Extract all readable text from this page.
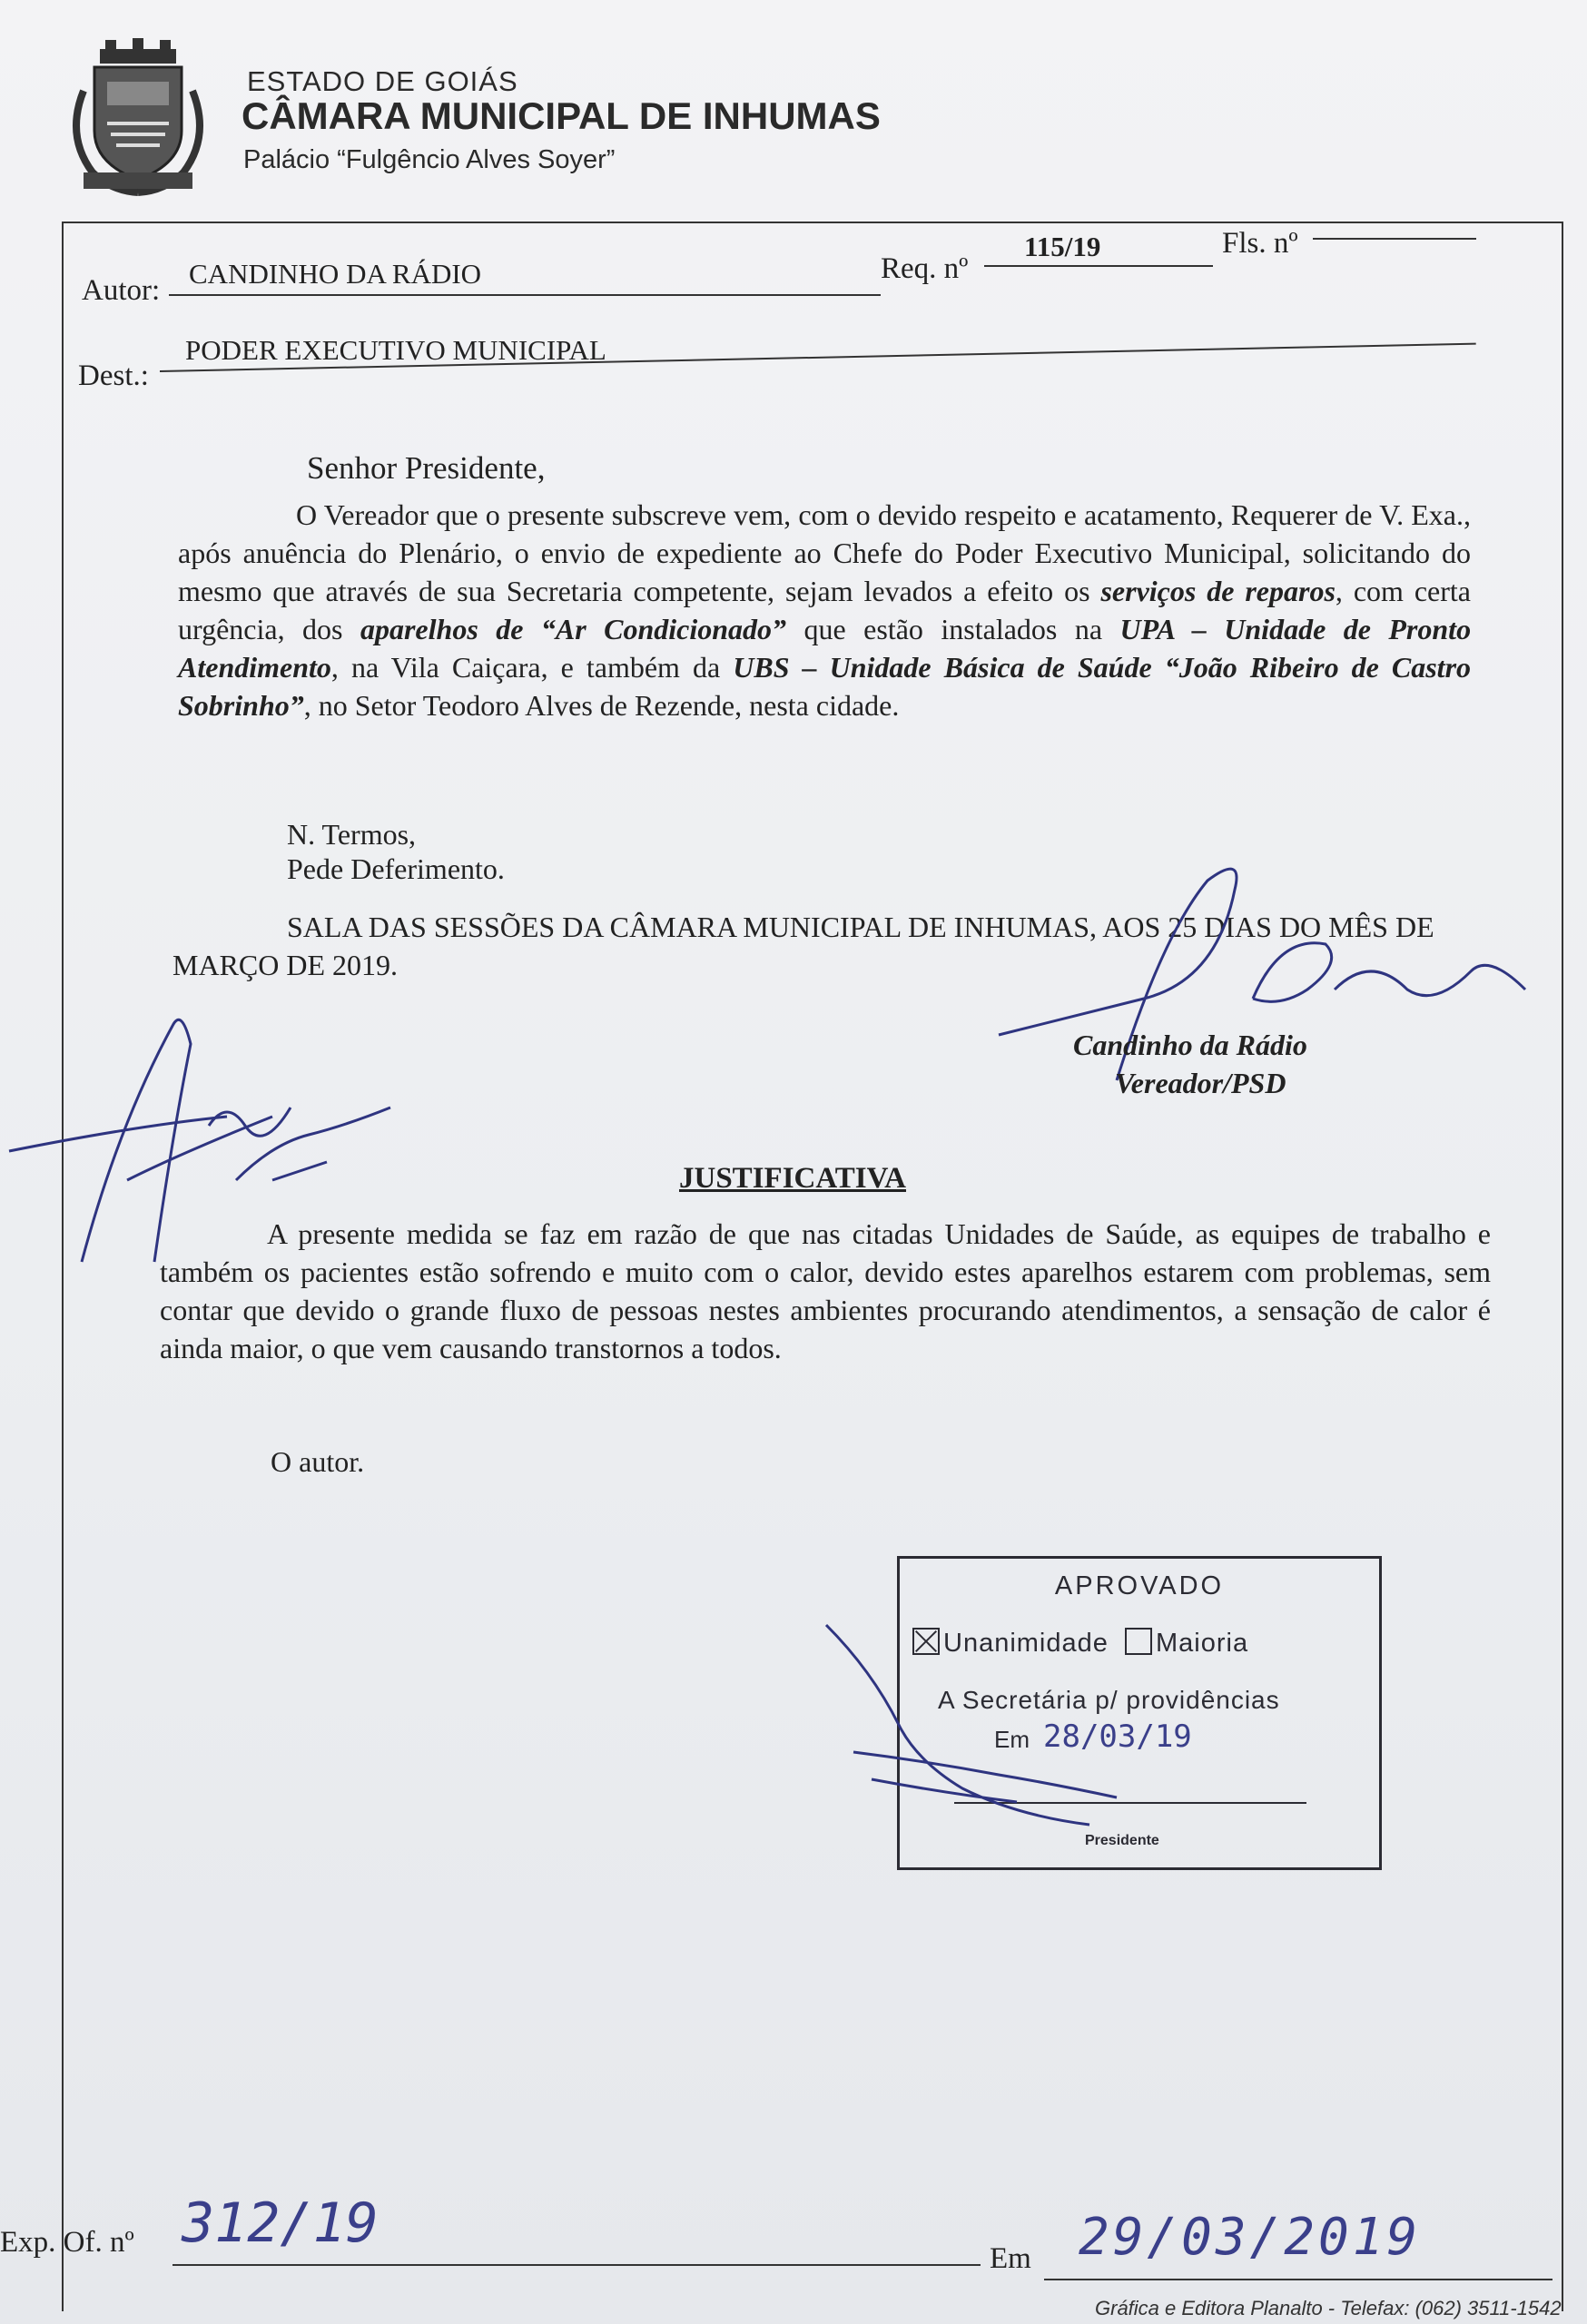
ESTADO DE GOIÁS
CÂMARA MUNICIPAL DE INHUMAS
Palácio “Fulgêncio Alves Soyer”
Autor:
CANDINHO DA RÁDIO	Req. nº
115/19	Fls. nº
Dest.:
PODER EXECUTIVO MUNICIPAL
Senhor Presidente,
O Vereador que o presente subscreve vem, com o devido respeito e acatamento, Requerer de V. Exa., após anuência do Plenário, o envio de expediente ao Chefe do Poder Executivo Municipal, solicitando do mesmo que através de sua Secretaria competente, sejam levados a efeito os serviços de reparos, com certa urgência, dos aparelhos de “Ar Condicionado” que estão instalados na UPA – Unidade de Pronto Atendimento, na Vila Caiçara, e também da UBS – Unidade Básica de Saúde “João Ribeiro de Castro Sobrinho”, no Setor Teodoro Alves de Rezende, nesta cidade.
N. Termos,
Pede Deferimento.
SALA DAS SESSÕES DA CÂMARA MUNICIPAL DE INHUMAS, AOS 25 DIAS DO MÊS DE MARÇO DE 2019.
Candinho da Rádio
Vereador/PSD
JUSTIFICATIVA
A presente medida se faz em razão de que nas citadas Unidades de Saúde, as equipes de trabalho e também os pacientes estão sofrendo e muito com o calor, devido estes aparelhos estarem com problemas, sem contar que devido o grande fluxo de pessoas nestes ambientes procurando atendimentos, a sensação de calor é ainda maior, o que vem causando transtornos a todos.
O autor.
APROVADO
Unanimidade Maioria
A Secretária p/ providências
Em 28/03/19
Presidente
Exp. Of. nº 312/19
Em 29/03/2019
Gráfica e Editora Planalto - Telefax: (062) 3511-1542
